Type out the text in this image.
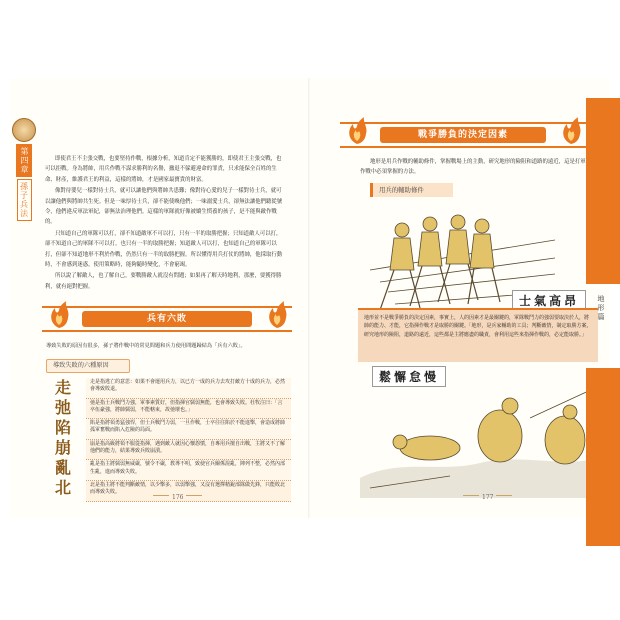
第四章
孫子兵法

即使君王不主張交戰，也要堅持作戰，根據分析，知道肯定不能獲勝的，即使君王主張交戰，也可以拒戰。身為將帥，用兵作戰不謀求勝利的名譽，撤退不躲避違命的罪責，只求能保全百姓的生命、財產，維護君王的利益，這樣的將帥，才是國家最寶貴的財富。

像對待嬰兒一樣對待士兵，就可以讓他們與將帥共患難；像對待心愛的兒子一樣對待士兵，就可以讓他們與將帥共生死。但是一味厚待士兵，卻不能使喚他們；一味溺愛士兵，卻無法讓他們聽從號令，他們違反軍法軍紀，卻無法治理他們。這樣的軍隊就好像被嬌生慣養的孩子，是不能與敵作戰的。

只知道自己的軍隊可以打，卻不知道敵軍不可以打，只有一半的取勝把握；只知道敵人可以打，卻不知道自己的軍隊不可以打，也只有一半的取勝把握；知道敵人可以打，也知道自己的軍隊可以打，但卻不知道地形不利於作戰，仍然只有一半的取勝把握。所以懂得用兵打仗的將帥，他採取行動時，不會感到迷惑，使用策略時，能夠隨時變化，不會窮竭。

所以說了解敵人，也了解自己，要戰勝敵人就沒有問題；如果再了解天時地利，那麼，要獲得勝利，就有絕對把握。

兵有六敗
導致失敗的原因有很多，孫子將作戰中的常見問題和兵力使用問題歸結為「兵有六敗」。
導致失敗的六種原因
走
弛
陷
崩
亂
北
走是指逃亡的意思：如果不會運用兵力，以已方一成的兵力去攻打敵方十成的兵力，必然會導致敗退。
弛是指士兵戰鬥力強，軍事素質好，但指揮官懦弱無能，也會導致失敗。杜牧注曰：「言卒伍豪強，將帥懦弱，不能轄束，故弛壞也。」
陷是指將領勇猛強悍，但士兵戰鬥力弱，一旦作戰，士卒往往陷於不能進擊，會造成將帥孤軍奮戰而陷入危險的局面。
崩是指高級將領不服從指揮，遇到敵人就因心懷怨憤，自專用兵擅自出戰，主將又不了解他們的能力，結果導致兵敗崩潰。
亂是指主將懦弱無威嚴，號令不嚴，教導不明，致使官兵關係混亂，陣列不整，必然內部生亂，進而導致失敗。
北是指主將不能判斷敵情，以少擊多，以弱擊強，又沒有選擇精銳部隊做先鋒，只能敗北而導致失敗。
176
戰爭勝負的決定因素

地形是用兵作戰的輔助條件，掌握戰場上的主動，研究地形的險阻和道路的遠近，這是打軍作戰中必須掌握的方法。

用兵的輔助條件
士氣高昂
地形並不是戰爭勝負的決定因素，事實上，人的因素才是最關鍵的，軍隊戰鬥力的強弱要取決於人，將帥的能力、才能，它指揮作戰才是取勝的關鍵。「地形，是兵家輔助的工具；判斷敵情，制定取勝方案，研究地形的險阻，道路的遠近，這些都是主將應盡的職責，會利用這些來指揮作戰的，必定能取勝。」
鬆懈怠慢
177
地形篇
